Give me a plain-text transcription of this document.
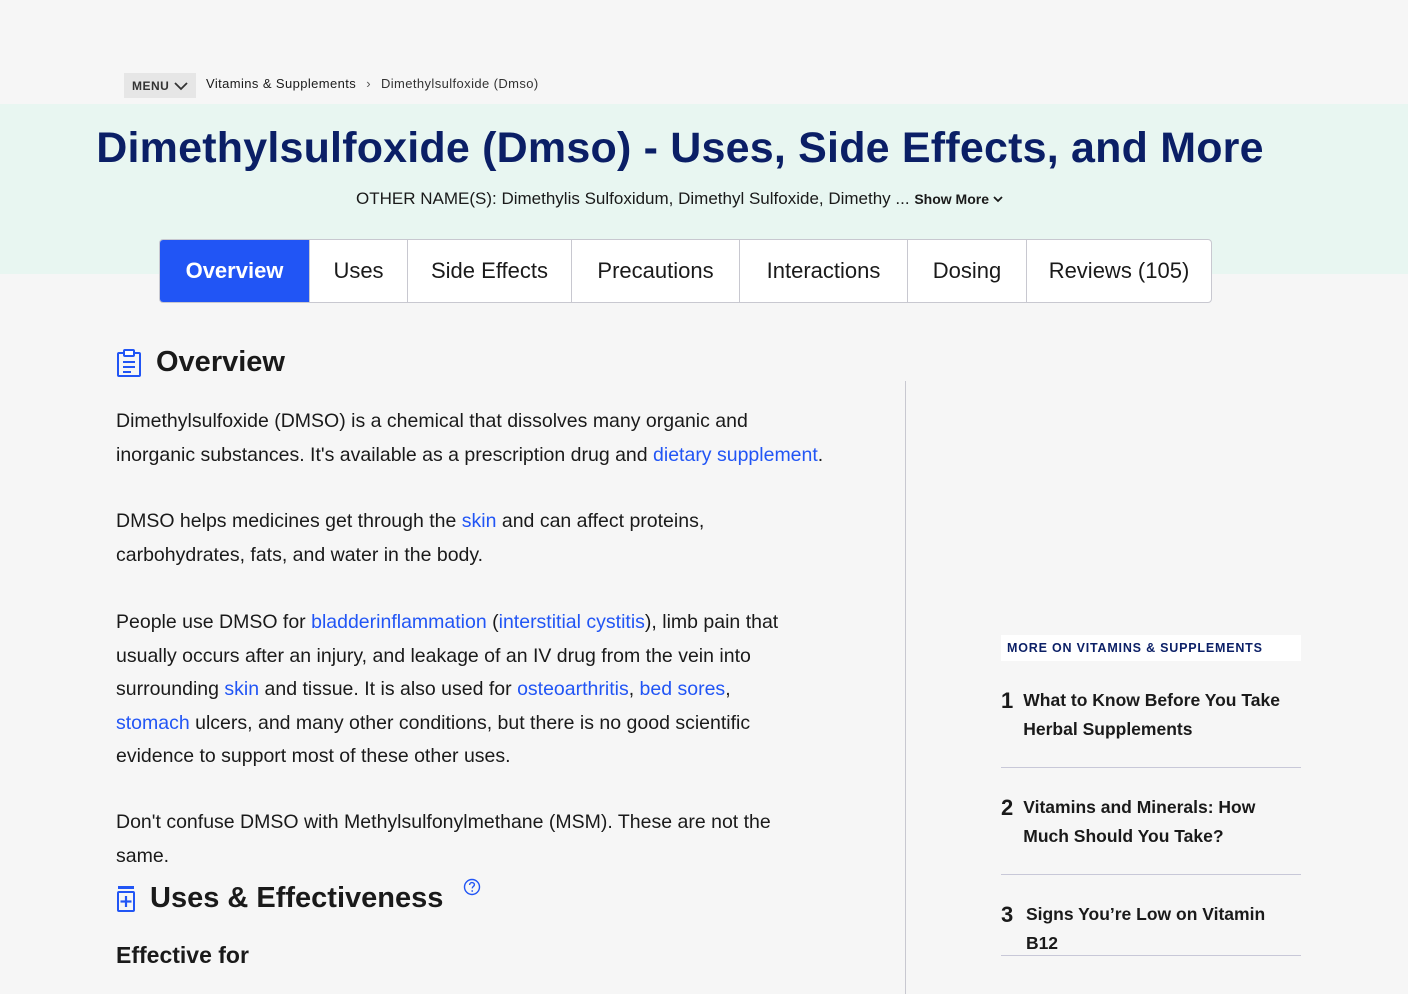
MENU	Vitamins & Supplements › Dimethylsulfoxide (Dmso)
Dimethylsulfoxide (Dmso) - Uses, Side Effects, and More
OTHER NAME(S): Dimethylis Sulfoxidum, Dimethyl Sulfoxide, Dimethy ... Show More
Overview	Uses	Side Effects	Precautions	Interactions	Dosing	Reviews (105)
Overview

Dimethylsulfoxide (DMSO) is a chemical that dissolves many organic and inorganic substances. It's available as a prescription drug and dietary supplement.

DMSO helps medicines get through the skin and can affect proteins, carbohydrates, fats, and water in the body.

People use DMSO for bladderinflammation (interstitial cystitis), limb pain that usually occurs after an injury, and leakage of an IV drug from the vein into surrounding skin and tissue. It is also used for osteoarthritis, bed sores, stomach ulcers, and many other conditions, but there is no good scientific evidence to support most of these other uses.

Don't confuse DMSO with Methylsulfonylmethane (MSM). These are not the same.

Uses & Effectiveness
Effective for
MORE ON VITAMINS & SUPPLEMENTS
1 What to Know Before You Take Herbal Supplements
2 Vitamins and Minerals: How Much Should You Take?
3 Signs You’re Low on Vitamin B12
